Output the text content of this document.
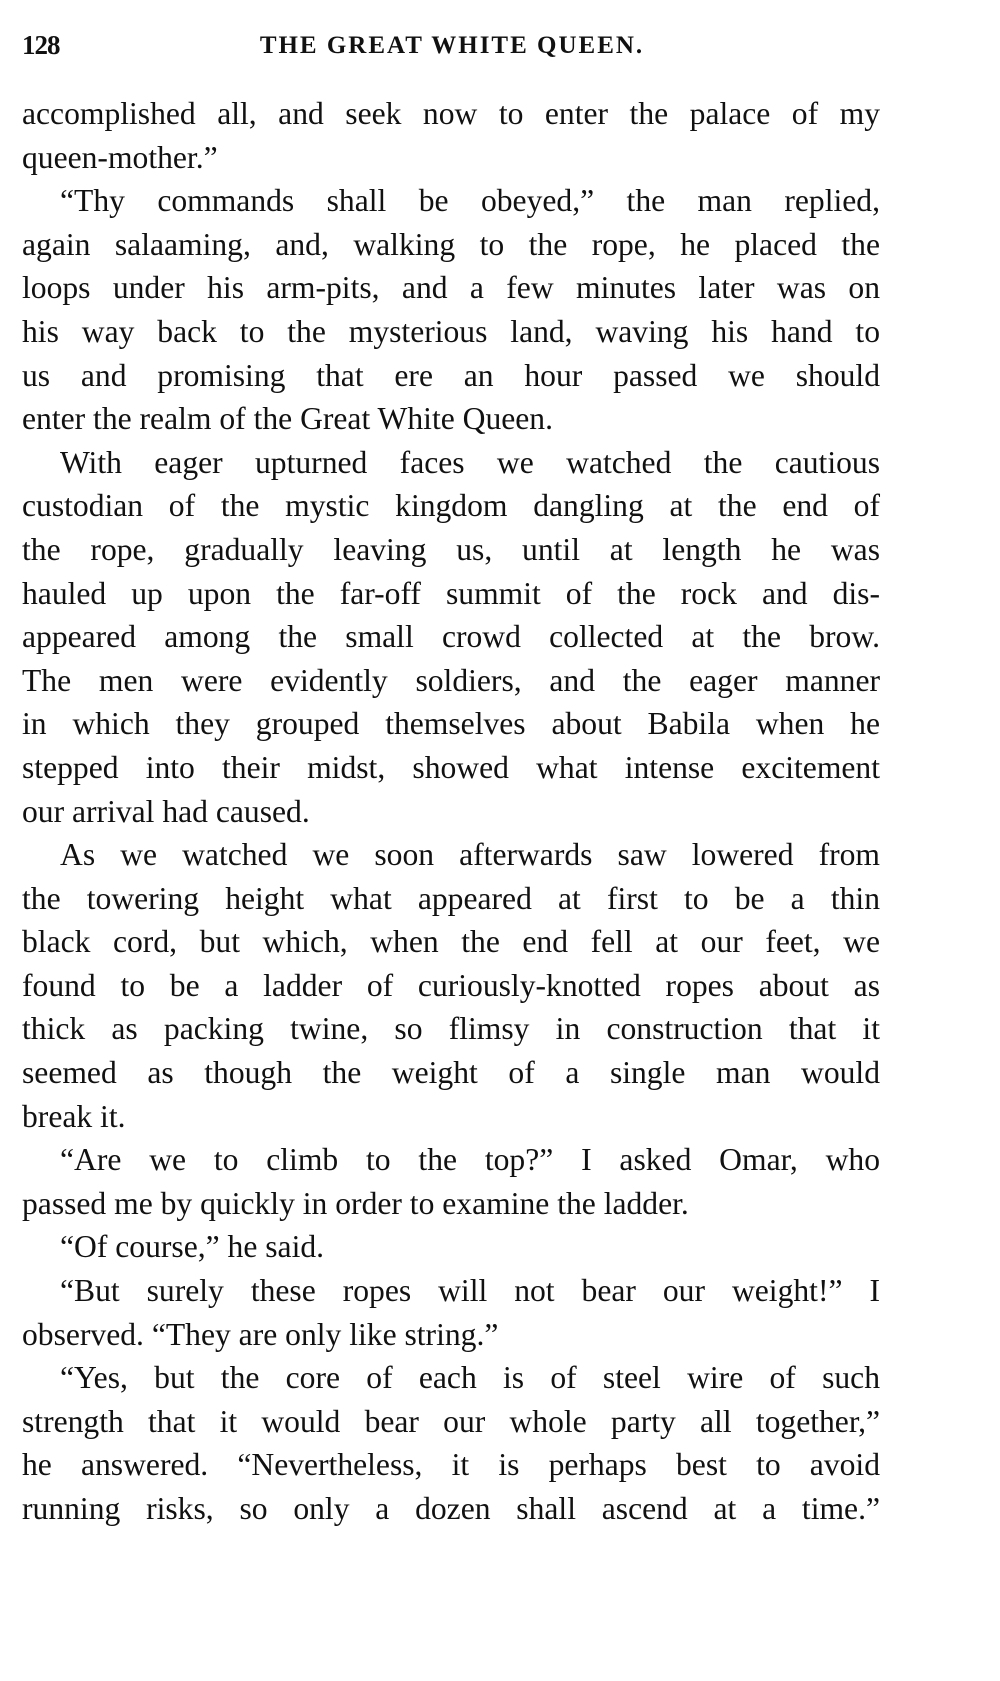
128	THE GREAT WHITE QUEEN.

accomplished all, and seek now to enter the palace of my

queen-mother.”

“Thy commands shall be obeyed,” the man replied,

again salaaming, and, walking to the rope, he placed the

loops under his arm-pits, and a few minutes later was on

his way back to the mysterious land, waving his hand to

us and promising that ere an hour passed we should

enter the realm of the Great White Queen.

With eager upturned faces we watched the cautious

custodian of the mystic kingdom dangling at the end of

the rope, gradually leaving us, until at length he was

hauled up upon the far-off summit of the rock and dis-

appeared among the small crowd collected at the brow.

The men were evidently soldiers, and the eager manner

in which they grouped themselves about Babila when he

stepped into their midst, showed what intense excitement

our arrival had caused.

As we watched we soon afterwards saw lowered from

the towering height what appeared at first to be a thin

black cord, but which, when the end fell at our feet, we

found to be a ladder of curiously-knotted ropes about as

thick as packing twine, so flimsy in construction that it

seemed as though the weight of a single man would

break it.

“Are we to climb to the top?” I asked Omar, who

passed me by quickly in order to examine the ladder.

“Of course,” he said.

“But surely these ropes will not bear our weight!” I

observed. “They are only like string.”

“Yes, but the core of each is of steel wire of such

strength that it would bear our whole party all together,”

he answered. “Nevertheless, it is perhaps best to avoid

running risks, so only a dozen shall ascend at a time.”
